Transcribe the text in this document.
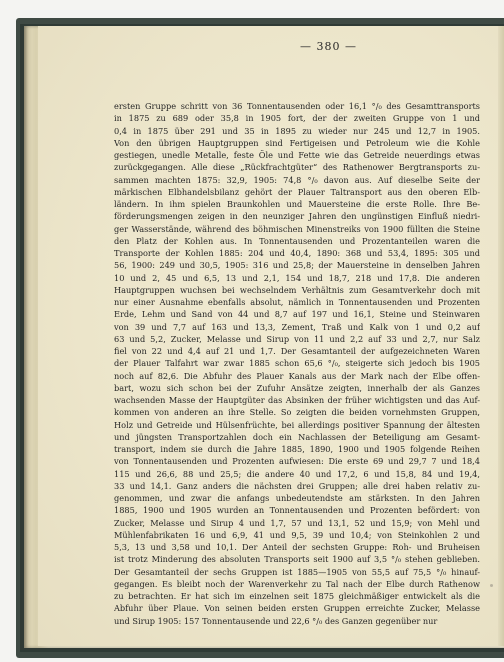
— 380 —
ersten Gruppe schritt von 36 Tonnentausenden oder 16,1 °/₀ des Gesamttransports
in 1875 zu 689 oder 35,8 in 1905 fort, der der zweiten Gruppe von 1 und
0,4 in 1875 über 291 und 35 in 1895 zu wieder nur 245 und 12,7 in 1905.
Von den übrigen Hauptgruppen sind Fertigeisen und Petroleum wie die Kohle
gestiegen, unedle Metalle, feste Öle und Fette wie das Getreide neuerdings etwas
zurückgegangen. Alle diese „Rückfrachtgüter“ des Rathenower Bergtransports zu-
sammen machten 1875: 32,9, 1905: 74,8 °/₀ davon aus. Auf dieselbe Seite der
märkischen Elbhandelsbilanz gehört der Plauer Taltransport aus den oberen Elb-
ländern. In ihm spielen Braunkohlen und Mauersteine die erste Rolle. Ihre Be-
förderungsmengen zeigen in den neunziger Jahren den ungünstigen Einfluß niedri-
ger Wasserstände, während des böhmischen Minenstreiks von 1900 füllten die Steine
den Platz der Kohlen aus. In Tonnentausenden und Prozentanteilen waren die
Transporte der Kohlen 1885: 204 und 40,4, 1890: 368 und 53,4, 1895: 305 und
56, 1900: 249 und 30,5, 1905: 316 und 25,8; der Mauersteine in denselben Jahren
10 und 2, 45 und 6,5, 13 und 2,1, 154 und 18,7, 218 und 17,8. Die anderen
Hauptgruppen wuchsen bei wechselndem Verhältnis zum Gesamtverkehr doch mit
nur einer Ausnahme ebenfalls absolut, nämlich in Tonnentausenden und Prozenten
Erde, Lehm und Sand von 44 und 8,7 auf 197 und 16,1, Steine und Steinwaren
von 39 und 7,7 auf 163 und 13,3, Zement, Traß und Kalk von 1 und 0,2 auf
63 und 5,2, Zucker, Melasse und Sirup von 11 und 2,2 auf 33 und 2,7, nur Salz
fiel von 22 und 4,4 auf 21 und 1,7. Der Gesamtanteil der aufgezeichneten Waren
der Plauer Talfahrt war zwar 1885 schon 65,6 °/₀, steigerte sich jedoch bis 1905
noch auf 82,6. Die Abfuhr des Plauer Kanals aus der Mark nach der Elbe offen-
bart, wozu sich schon bei der Zufuhr Ansätze zeigten, innerhalb der als Ganzes
wachsenden Masse der Hauptgüter das Absinken der früher wichtigsten und das Auf-
kommen von anderen an ihre Stelle. So zeigten die beiden vornehmsten Gruppen,
Holz und Getreide und Hülsenfrüchte, bei allerdings positiver Spannung der ältesten
und jüngsten Transportzahlen doch ein Nachlassen der Beteiligung am Gesamt-
transport, indem sie durch die Jahre 1885, 1890, 1900 und 1905 folgende Reihen
von Tonnentausenden und Prozenten aufwiesen: Die erste 69 und 29,7 7 und 18,4
115 und 26,6, 88 und 25,5; die andere 40 und 17,2, 6 und 15,8, 84 und 19,4,
33 und 14,1. Ganz anders die nächsten drei Gruppen; alle drei haben relativ zu-
genommen, und zwar die anfangs unbedeutendste am stärksten. In den Jahren
1885, 1900 und 1905 wurden an Tonnentausenden und Prozenten befördert: von
Zucker, Melasse und Sirup 4 und 1,7, 57 und 13,1, 52 und 15,9; von Mehl und
Mühlenfabrikaten 16 und 6,9, 41 und 9,5, 39 und 10,4; von Steinkohlen 2 und
5,3, 13 und 3,58 und 10,1. Der Anteil der sechsten Gruppe: Roh- und Bruheisen
ist trotz Minderung des absoluten Transports seit 1900 auf 3,5 °/₀ stehen geblieben.
Der Gesamtanteil der sechs Gruppen ist 1885—1905 von 55,5 auf 75,5 °/₀ hinauf-
gegangen. Es bleibt noch der Warenverkehr zu Tal nach der Elbe durch Rathenow
zu betrachten. Er hat sich im einzelnen seit 1875 gleichmäßiger entwickelt als die
Abfuhr über Plaue. Von seinen beiden ersten Gruppen erreichte Zucker, Melasse
und Sirup 1905: 157 Tonnentausende und 22,6 °/₀ des Ganzen gegenüber nur
